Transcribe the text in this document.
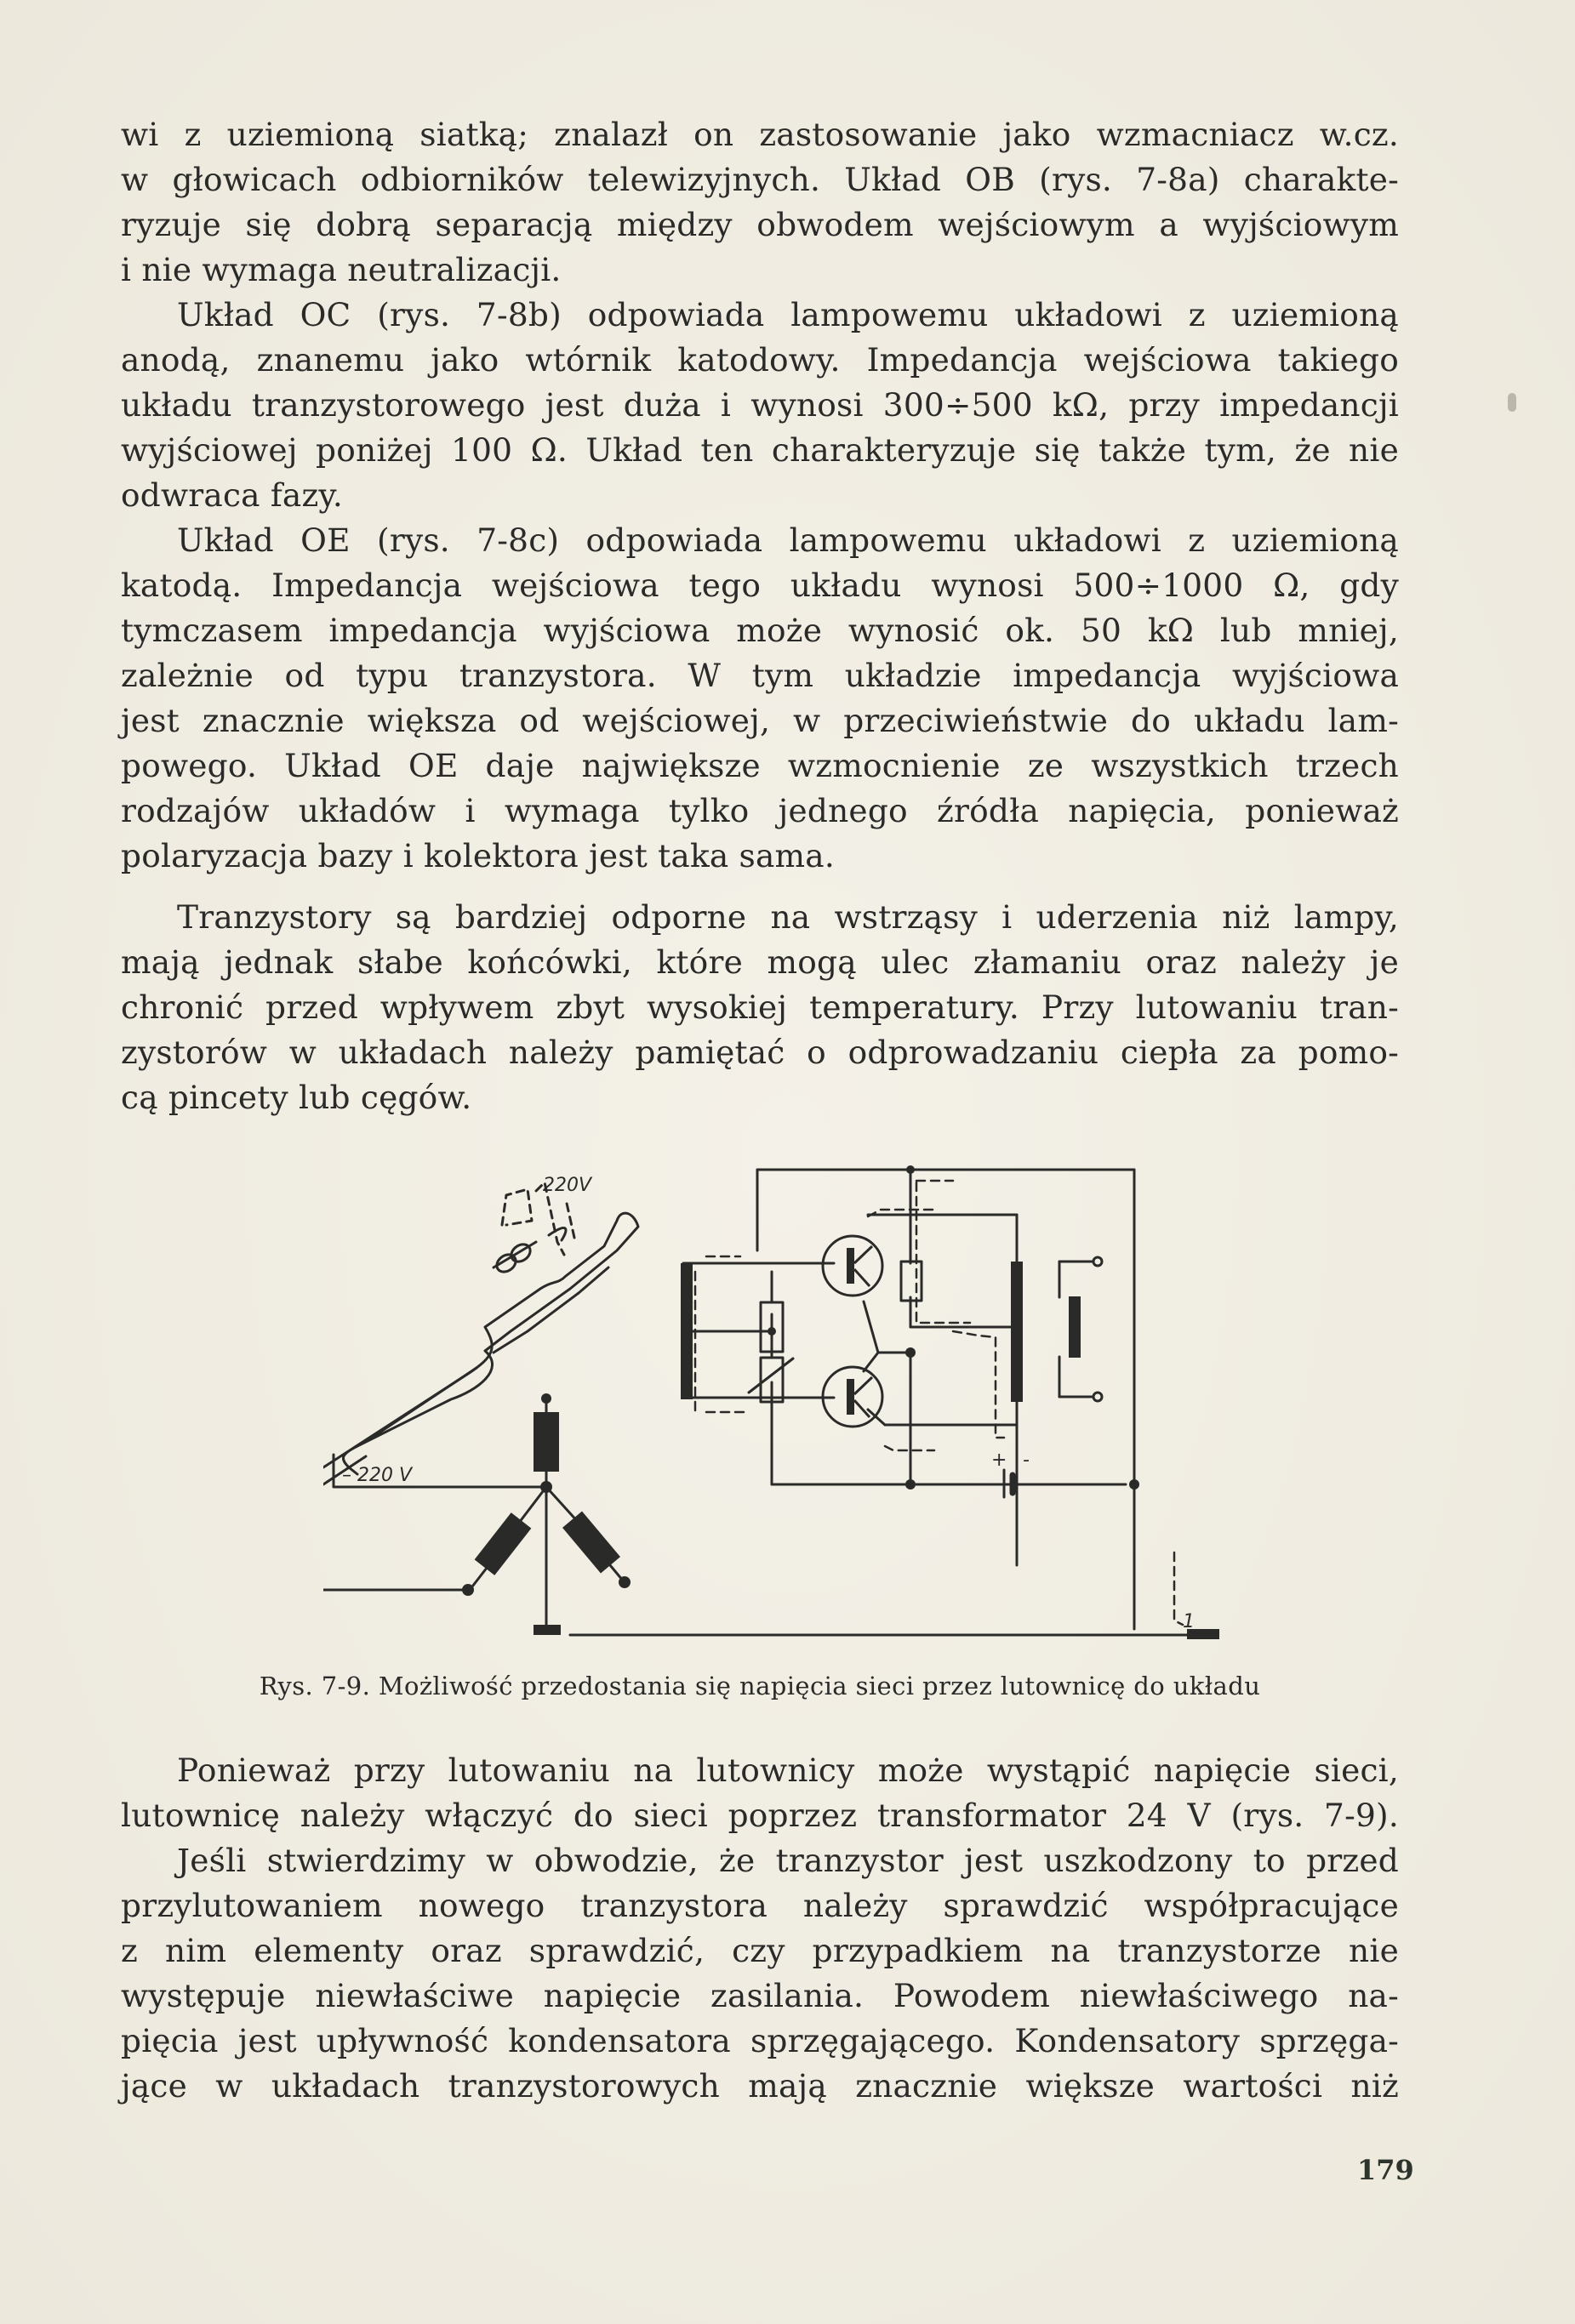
wi z uziemioną siatką; znalazł on zastosowanie jako wzmacniacz w.cz.
w głowicach odbiorników telewizyjnych. Układ OB (rys. 7-8a) charakte-
ryzuje się dobrą separacją między obwodem wejściowym a wyjściowym
i nie wymaga neutralizacji.
Układ OC (rys. 7-8b) odpowiada lampowemu układowi z uziemioną
anodą, znanemu jako wtórnik katodowy. Impedancja wejściowa takiego
układu tranzystorowego jest duża i wynosi 300÷500 kΩ, przy impedancji
wyjściowej poniżej 100 Ω. Układ ten charakteryzuje się także tym, że nie
odwraca fazy.
Układ OE (rys. 7-8c) odpowiada lampowemu układowi z uziemioną
katodą. Impedancja wejściowa tego układu wynosi 500÷1000 Ω, gdy
tymczasem impedancja wyjściowa może wynosić ok. 50 kΩ lub mniej,
zależnie od typu tranzystora. W tym układzie impedancja wyjściowa
jest znacznie większa od wejściowej, w przeciwieństwie do układu lam-
powego. Układ OE daje największe wzmocnienie ze wszystkich trzech
rodzajów układów i wymaga tylko jednego źródła napięcia, ponieważ
polaryzacja bazy i kolektora jest taka sama.
Tranzystory są bardziej odporne na wstrząsy i uderzenia niż lampy,
mają jednak słabe końcówki, które mogą ulec złamaniu oraz należy je
chronić przed wpływem zbyt wysokiej temperatury. Przy lutowaniu tran-
zystorów w układach należy pamiętać o odprowadzaniu ciepła za pomo-
cą pincety lub cęgów.
220V
– 220 V
1
+ -
Rys. 7-9. Możliwość przedostania się napięcia sieci przez lutownicę do układu
Ponieważ przy lutowaniu na lutownicy może wystąpić napięcie sieci,
lutownicę należy włączyć do sieci poprzez transformator 24 V (rys. 7-9).
Jeśli stwierdzimy w obwodzie, że tranzystor jest uszkodzony to przed
przylutowaniem nowego tranzystora należy sprawdzić współpracujące
z nim elementy oraz sprawdzić, czy przypadkiem na tranzystorze nie
występuje niewłaściwe napięcie zasilania. Powodem niewłaściwego na-
pięcia jest upływność kondensatora sprzęgającego. Kondensatory sprzęga-
jące w układach tranzystorowych mają znacznie większe wartości niż
179
